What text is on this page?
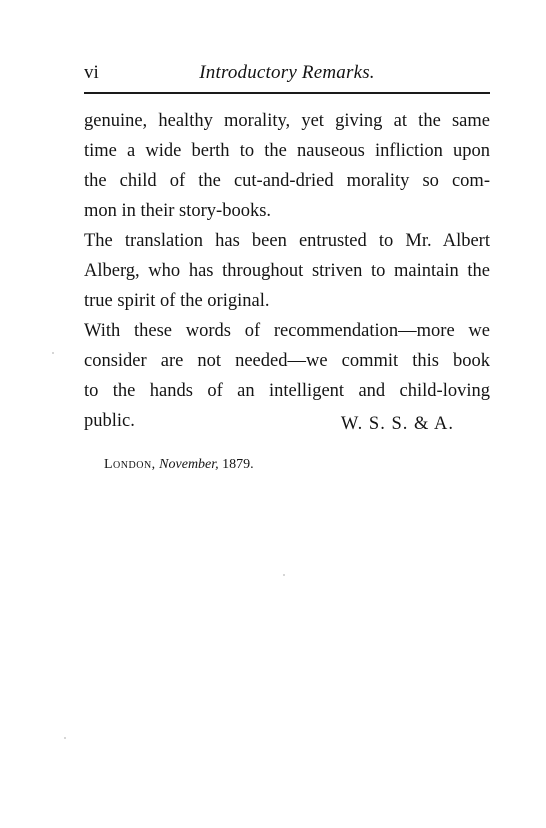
vi	Introductory Remarks.

genuine, healthy morality, yet giving at the same
time a wide berth to the nauseous infliction upon
the child of the cut-and-dried morality so com-
mon in their story-books.

The translation has been entrusted to Mr. Albert
Alberg, who has throughout striven to maintain the
true spirit of the original.

With these words of recommendation—more we
consider are not needed—we commit this book
to the hands of an intelligent and child-loving
public.	W. S. S. & A.
London, November, 1879.
